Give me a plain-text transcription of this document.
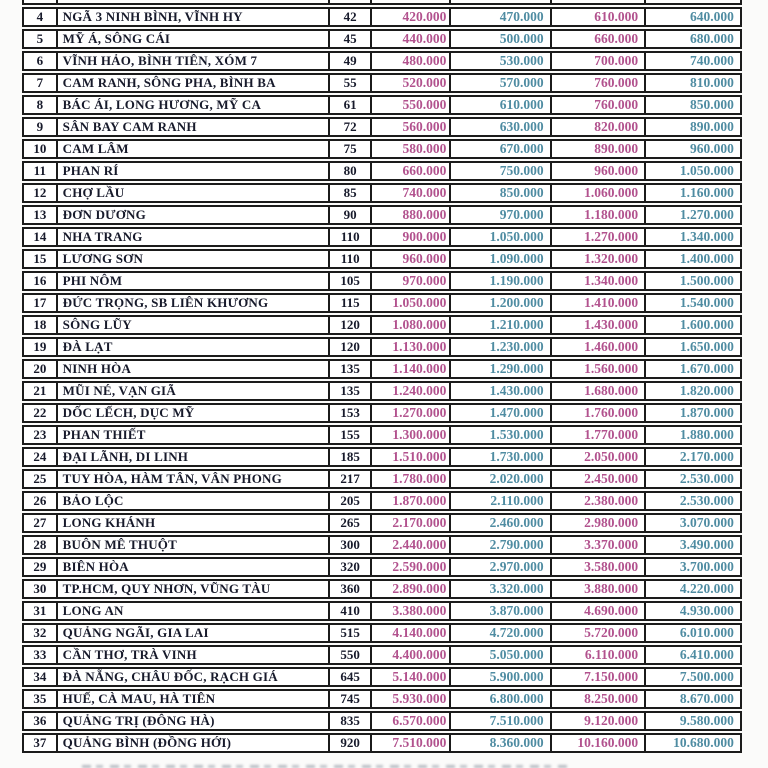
4	NGÃ 3 NINH BÌNH, VĨNH HY	42	420.000	470.000	610.000	640.000
5	MỸ Á, SÔNG CÁI	45	440.000	500.000	660.000	680.000
6	VĨNH HẢO, BÌNH TIÊN, XÓM 7	49	480.000	530.000	700.000	740.000
7	CAM RANH, SÔNG PHA, BÌNH BA	55	520.000	570.000	760.000	810.000
8	BÁC ÁI, LONG HƯƠNG, MỸ CA	61	550.000	610.000	760.000	850.000
9	SÂN BAY CAM RANH	72	560.000	630.000	820.000	890.000
10	CAM LÂM	75	580.000	670.000	890.000	960.000
11	PHAN RÍ	80	660.000	750.000	960.000	1.050.000
12	CHỢ LẦU	85	740.000	850.000	1.060.000	1.160.000
13	ĐƠN DƯƠNG	90	880.000	970.000	1.180.000	1.270.000
14	NHA TRANG	110	900.000	1.050.000	1.270.000	1.340.000
15	LƯƠNG SƠN	110	960.000	1.090.000	1.320.000	1.400.000
16	PHI NÔM	105	970.000	1.190.000	1.340.000	1.500.000
17	ĐỨC TRỌNG, SB LIÊN KHƯƠNG	115	1.050.000	1.200.000	1.410.000	1.540.000
18	SÔNG LŨY	120	1.080.000	1.210.000	1.430.000	1.600.000
19	ĐÀ LẠT	120	1.130.000	1.230.000	1.460.000	1.650.000
20	NINH HÒA	135	1.140.000	1.290.000	1.560.000	1.670.000
21	MŨI NÉ, VẠN GIÃ	135	1.240.000	1.430.000	1.680.000	1.820.000
22	DỐC LẾCH, DỤC MỸ	153	1.270.000	1.470.000	1.760.000	1.870.000
23	PHAN THIẾT	155	1.300.000	1.530.000	1.770.000	1.880.000
24	ĐẠI LÃNH, DI LINH	185	1.510.000	1.730.000	2.050.000	2.170.000
25	TUY HÒA, HÀM TÂN, VÂN PHONG	217	1.780.000	2.020.000	2.450.000	2.530.000
26	BẢO LỘC	205	1.870.000	2.110.000	2.380.000	2.530.000
27	LONG KHÁNH	265	2.170.000	2.460.000	2.980.000	3.070.000
28	BUÔN MÊ THUỘT	300	2.440.000	2.790.000	3.370.000	3.490.000
29	BIÊN HÒA	320	2.590.000	2.970.000	3.580.000	3.700.000
30	TP.HCM, QUY NHƠN, VŨNG TÀU	360	2.890.000	3.320.000	3.880.000	4.220.000
31	LONG AN	410	3.380.000	3.870.000	4.690.000	4.930.000
32	QUẢNG NGÃI, GIA LAI	515	4.140.000	4.720.000	5.720.000	6.010.000
33	CẦN THƠ, TRÀ VINH	550	4.400.000	5.050.000	6.110.000	6.410.000
34	ĐÀ NẴNG, CHÂU ĐỐC, RẠCH GIÁ	645	5.140.000	5.900.000	7.150.000	7.500.000
35	HUẾ, CÀ MAU, HÀ TIÊN	745	5.930.000	6.800.000	8.250.000	8.670.000
36	QUẢNG TRỊ (ĐÔNG HÀ)	835	6.570.000	7.510.000	9.120.000	9.580.000
37	QUẢNG BÌNH (ĐỒNG HỚI)	920	7.510.000	8.360.000	10.160.000	10.680.000
